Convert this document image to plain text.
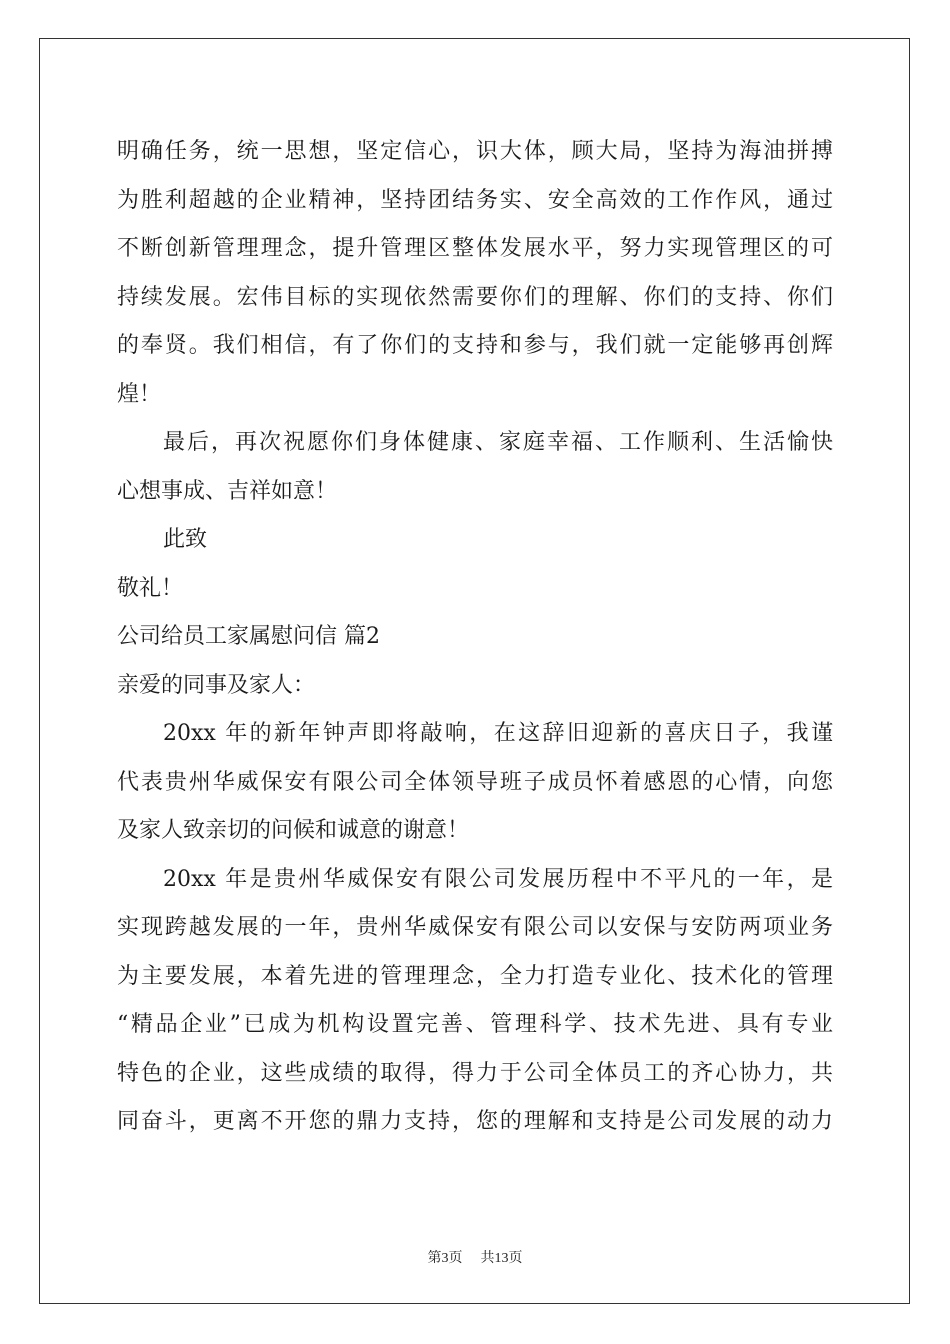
明确任务，统一思想，坚定信心，识大体，顾大局，坚持为海油拼搏
为胜利超越的企业精神，坚持团结务实、安全高效的工作作风，通过
不断创新管理理念，提升管理区整体发展水平，努力实现管理区的可
持续发展。宏伟目标的实现依然需要你们的理解、你们的支持、你们
的奉贤。我们相信，有了你们的支持和参与，我们就一定能够再创辉
煌！
最后，再次祝愿你们身体健康、家庭幸福、工作顺利、生活愉快
心想事成、吉祥如意！
此致
敬礼！
公司给员工家属慰问信 篇2
亲爱的同事及家人：
20xx 年的新年钟声即将敲响，在这辞旧迎新的喜庆日子，我谨
代表贵州华威保安有限公司全体领导班子成员怀着感恩的心情，向您
及家人致亲切的问候和诚意的谢意！
20xx 年是贵州华威保安有限公司发展历程中不平凡的一年，是
实现跨越发展的一年，贵州华威保安有限公司以安保与安防两项业务
为主要发展，本着先进的管理理念，全力打造专业化、技术化的管理
“精品企业”已成为机构设置完善、管理科学、技术先进、具有专业
特色的企业，这些成绩的取得，得力于公司全体员工的齐心协力，共
同奋斗，更离不开您的鼎力支持，您的理解和支持是公司发展的动力
第3页 共13页
